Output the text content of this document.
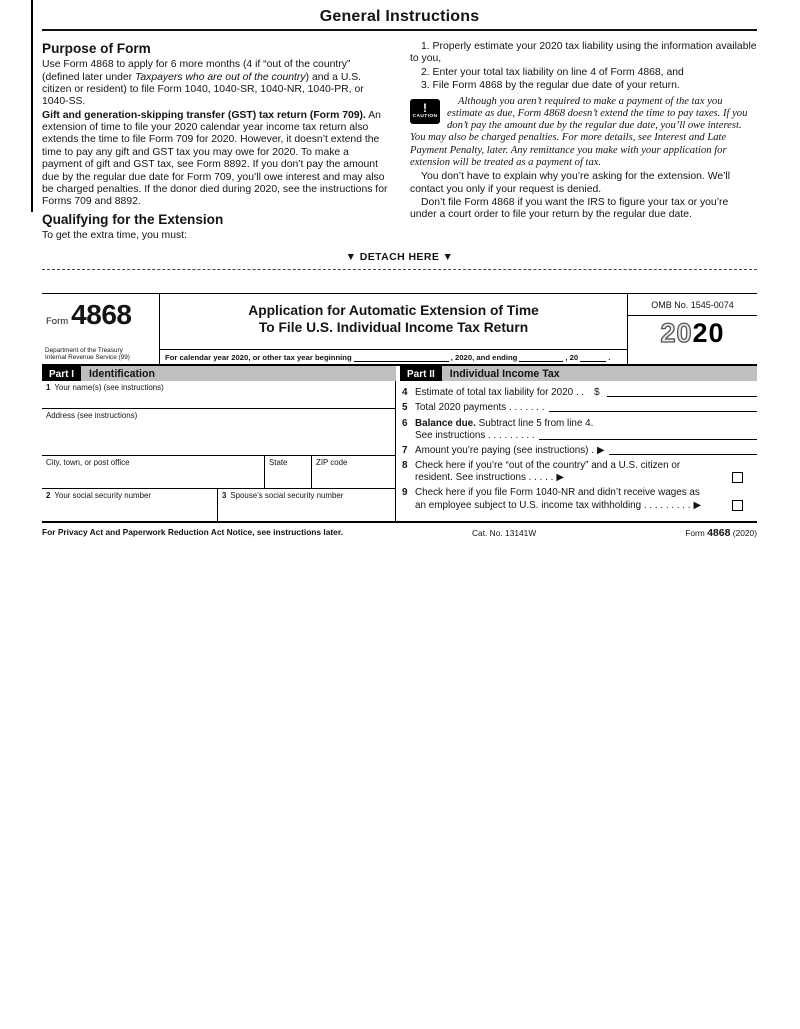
General Instructions
Purpose of Form

Use Form 4868 to apply for 6 more months (4 if “out of the country” (defined later under Taxpayers who are out of the country) and a U.S. citizen or resident) to file Form 1040, 1040-SR, 1040-NR, 1040-PR, or 1040-SS.

Gift and generation-skipping transfer (GST) tax return (Form 709). An extension of time to file your 2020 calendar year income tax return also extends the time to file Form 709 for 2020. However, it doesn’t extend the time to pay any gift and GST tax you may owe for 2020. To make a payment of gift and GST tax, see Form 8892. If you don’t pay the amount due by the regular due date for Form 709, you’ll owe interest and may also be charged penalties. If the donor died during 2020, see the instructions for Forms 709 and 8892.

Qualifying for the Extension

To get the extra time, you must:

1. Properly estimate your 2020 tax liability using the information available to you,

2. Enter your total tax liability on line 4 of Form 4868, and

3. File Form 4868 by the regular due date of your return.

!
CAUTION

Although you aren’t required to make a payment of the tax you estimate as due, Form 4868 doesn’t extend the time to pay taxes. If you don’t pay the amount due by the regular due date, you’ll owe interest. You may also be charged penalties. For more details, see Interest and Late Payment Penalty, later. Any remittance you make with your application for extension will be treated as a payment of tax.

You don’t have to explain why you’re asking for the extension. We’ll contact you only if your request is denied.

Don’t file Form 4868 if you want the IRS to figure your tax or you’re under a court order to file your return by the regular due date.

▼ DETACH HERE ▼
Form 4868
Department of the Treasury
Internal Revenue Service (99)
Application for Automatic Extension of Time
To File U.S. Individual Income Tax Return
For calendar year 2020, or other tax year beginning	, 2020, and ending	, 20	.
OMB No. 1545-0074
2020
Part I	Identification	Part II	Individual Income Tax
1 Your name(s) (see instructions)
Address (see instructions)
City, town, or post office	State	ZIP code
2 Your social security number	3 Spouse’s social security number
4 Estimate of total tax liability for 2020 . . $
5 Total 2020 payments . . . . . . .
6 Balance due. Subtract line 5 from line 4.
See instructions . . . . . . . . .
7 Amount you’re paying (see instructions) . ▶
8 Check here if you’re “out of the country” and a U.S. citizen or resident. See instructions . . . . . ▶
9 Check here if you file Form 1040-NR and didn’t receive wages as an employee subject to U.S. income tax withholding . . . . . . . . . ▶
For Privacy Act and Paperwork Reduction Act Notice, see instructions later.	Cat. No. 13141W	Form 4868 (2020)
